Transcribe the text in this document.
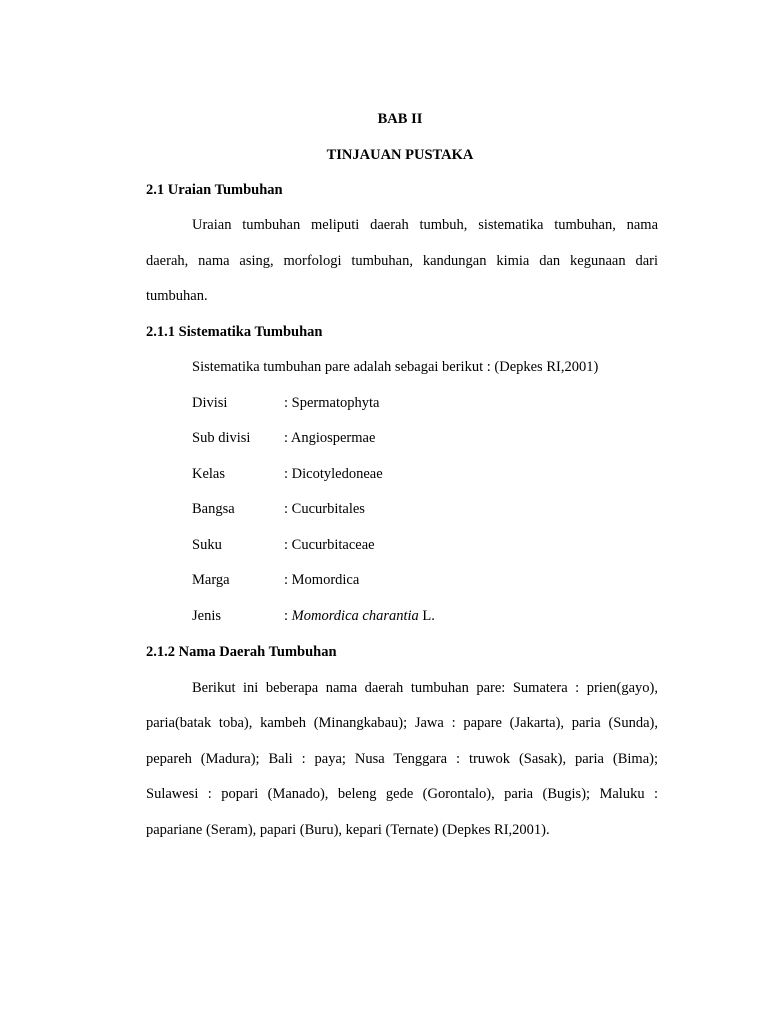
BAB II
TINJAUAN PUSTAKA
2.1 Uraian Tumbuhan
Uraian tumbuhan meliputi daerah tumbuh, sistematika tumbuhan, nama
daerah, nama asing, morfologi tumbuhan, kandungan kimia dan kegunaan dari
tumbuhan.
2.1.1 Sistematika Tumbuhan
Sistematika tumbuhan pare adalah sebagai berikut : (Depkes RI,2001)
Divisi	: Spermatophyta
Sub divisi : Angiospermae
Kelas	: Dicotyledoneae
Bangsa	: Cucurbitales
Suku	: Cucurbitaceae
Marga	: Momordica
Jenis	: Momordica charantia L.
2.1.2 Nama Daerah Tumbuhan
Berikut ini beberapa nama daerah tumbuhan pare: Sumatera : prien(gayo),
paria(batak toba), kambeh (Minangkabau); Jawa : papare (Jakarta), paria (Sunda),
pepareh (Madura); Bali : paya; Nusa Tenggara : truwok (Sasak), paria (Bima);
Sulawesi : popari (Manado), beleng gede (Gorontalo), paria (Bugis); Maluku :
papariane (Seram), papari (Buru), kepari (Ternate) (Depkes RI,2001).
